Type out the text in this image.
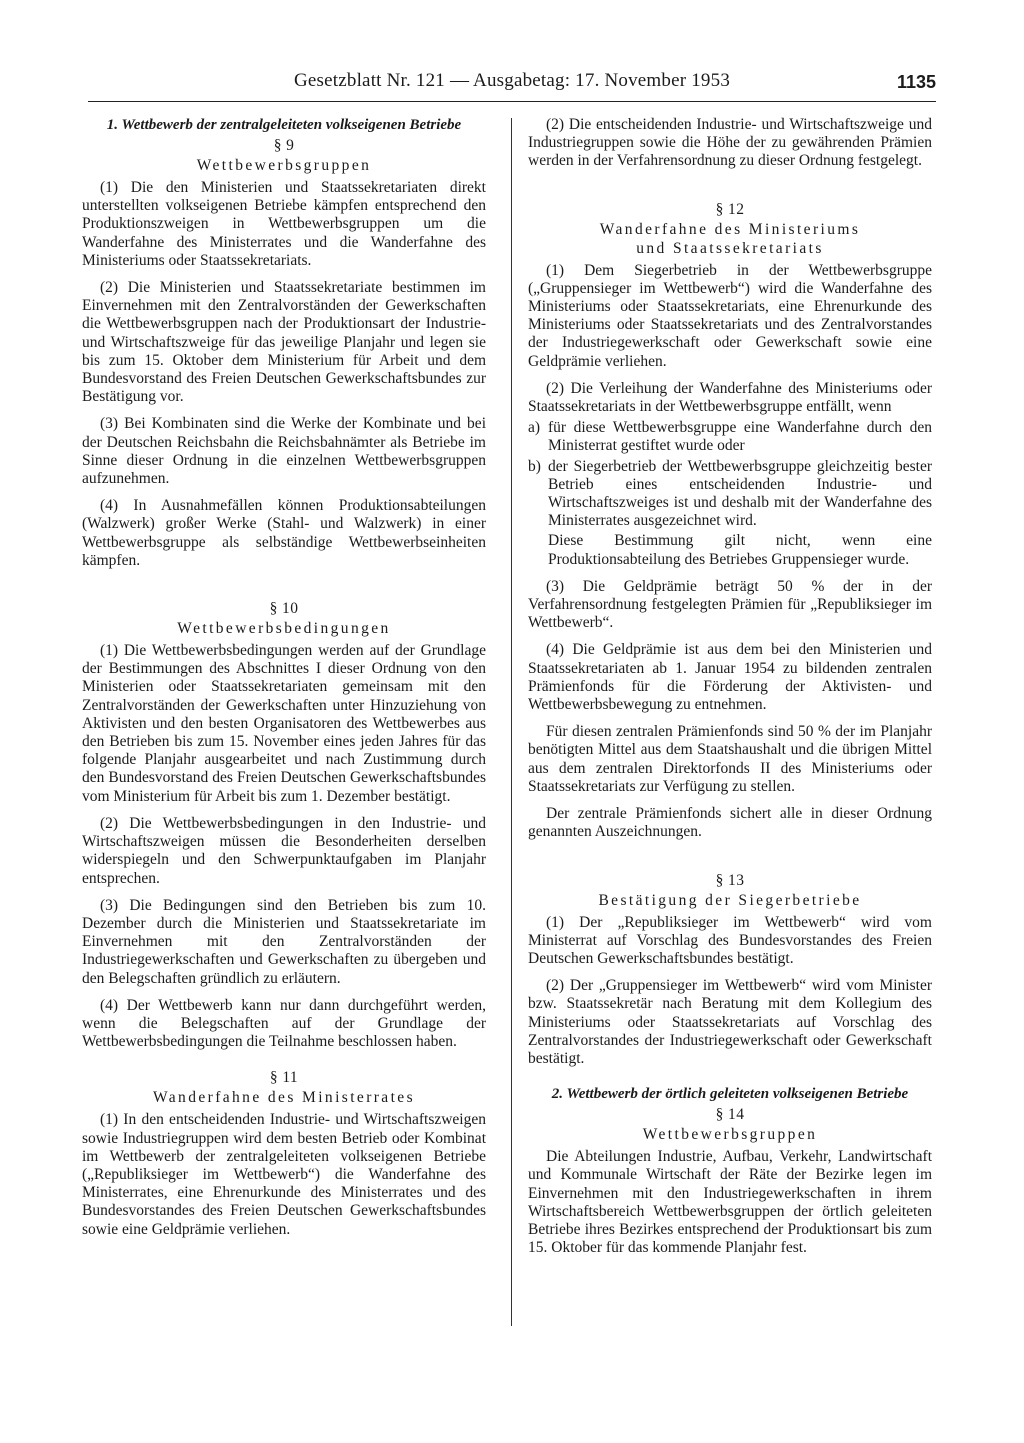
Gesetzblatt Nr. 121 — Ausgabetag: 17. November 1953	1135
1. Wettbewerb der zentralgeleiteten volkseigenen Betriebe
§ 9
Wettbewerbsgruppen

(1) Die den Ministerien und Staatssekretariaten direkt unterstellten volkseigenen Betriebe kämpfen entsprechend den Produktionszweigen in Wettbewerbsgruppen um die Wanderfahne des Ministerrates und die Wanderfahne des Ministeriums oder Staatssekretariats.

(2) Die Ministerien und Staatssekretariate bestimmen im Einvernehmen mit den Zentralvorständen der Gewerkschaften die Wettbewerbsgruppen nach der Produktionsart der Industrie- und Wirtschaftszweige für das jeweilige Planjahr und legen sie bis zum 15. Oktober dem Ministerium für Arbeit und dem Bundesvorstand des Freien Deutschen Gewerkschaftsbundes zur Bestätigung vor.

(3) Bei Kombinaten sind die Werke der Kombinate und bei der Deutschen Reichsbahn die Reichsbahnämter als Betriebe im Sinne dieser Ordnung in die einzelnen Wettbewerbsgruppen aufzunehmen.

(4) In Ausnahmefällen können Produktionsabteilungen (Walzwerk) großer Werke (Stahl- und Walzwerk) in einer Wettbewerbsgruppe als selbständige Wettbewerbseinheiten kämpfen.

§ 10
Wettbewerbsbedingungen

(1) Die Wettbewerbsbedingungen werden auf der Grundlage der Bestimmungen des Abschnittes I dieser Ordnung von den Ministerien oder Staatssekretariaten gemeinsam mit den Zentralvorständen der Gewerkschaften unter Hinzuziehung von Aktivisten und den besten Organisatoren des Wettbewerbes aus den Betrieben bis zum 15. November eines jeden Jahres für das folgende Planjahr ausgearbeitet und nach Zustimmung durch den Bundesvorstand des Freien Deutschen Gewerkschaftsbundes vom Ministerium für Arbeit bis zum 1. Dezember bestätigt.

(2) Die Wettbewerbsbedingungen in den Industrie- und Wirtschaftszweigen müssen die Besonderheiten derselben widerspiegeln und den Schwerpunktaufgaben im Planjahr entsprechen.

(3) Die Bedingungen sind den Betrieben bis zum 10. Dezember durch die Ministerien und Staatssekretariate im Einvernehmen mit den Zentralvorständen der Industriegewerkschaften und Gewerkschaften zu übergeben und den Belegschaften gründlich zu erläutern.

(4) Der Wettbewerb kann nur dann durchgeführt werden, wenn die Belegschaften auf der Grundlage der Wettbewerbsbedingungen die Teilnahme beschlossen haben.

§ 11
Wanderfahne des Ministerrates

(1) In den entscheidenden Industrie- und Wirtschaftszweigen sowie Industriegruppen wird dem besten Betrieb oder Kombinat im Wettbewerb der zentralgeleiteten volkseigenen Betriebe („Republiksieger im Wettbewerb“) die Wanderfahne des Ministerrates, eine Ehrenurkunde des Ministerrates und des Bundesvorstandes des Freien Deutschen Gewerkschaftsbundes sowie eine Geldprämie verliehen.

(2) Die entscheidenden Industrie- und Wirtschaftszweige und Industriegruppen sowie die Höhe der zu gewährenden Prämien werden in der Verfahrensordnung zu dieser Ordnung festgelegt.

§ 12
Wanderfahne des Ministeriums
und Staatssekretariats

(1) Dem Siegerbetrieb in der Wettbewerbsgruppe („Gruppensieger im Wettbewerb“) wird die Wanderfahne des Ministeriums oder Staatssekretariats, eine Ehrenurkunde des Ministeriums oder Staatssekretariats und des Zentralvorstandes der Industriegewerkschaft oder Gewerkschaft sowie eine Geldprämie verliehen.

(2) Die Verleihung der Wanderfahne des Ministeriums oder Staatssekretariats in der Wettbewerbsgruppe entfällt, wenn

a) für diese Wettbewerbsgruppe eine Wanderfahne durch den Ministerrat gestiftet wurde oder
b) der Siegerbetrieb der Wettbewerbsgruppe gleichzeitig bester Betrieb eines entscheidenden Industrie- und Wirtschaftszweiges ist und deshalb mit der Wanderfahne des Ministerrates ausgezeichnet wird.

Diese Bestimmung gilt nicht, wenn eine Produktionsabteilung des Betriebes Gruppensieger wurde.

(3) Die Geldprämie beträgt 50 % der in der Verfahrensordnung festgelegten Prämien für „Republiksieger im Wettbewerb“.

(4) Die Geldprämie ist aus dem bei den Ministerien und Staatssekretariaten ab 1. Januar 1954 zu bildenden zentralen Prämienfonds für die Förderung der Aktivisten- und Wettbewerbsbewegung zu entnehmen.

Für diesen zentralen Prämienfonds sind 50 % der im Planjahr benötigten Mittel aus dem Staatshaushalt und die übrigen Mittel aus dem zentralen Direktorfonds II des Ministeriums oder Staatssekretariats zur Verfügung zu stellen.

Der zentrale Prämienfonds sichert alle in dieser Ordnung genannten Auszeichnungen.

§ 13
Bestätigung der Siegerbetriebe

(1) Der „Republiksieger im Wettbewerb“ wird vom Ministerrat auf Vorschlag des Bundesvorstandes des Freien Deutschen Gewerkschaftsbundes bestätigt.

(2) Der „Gruppensieger im Wettbewerb“ wird vom Minister bzw. Staatssekretär nach Beratung mit dem Kollegium des Ministeriums oder Staatssekretariats auf Vorschlag des Zentralvorstandes der Industriegewerkschaft oder Gewerkschaft bestätigt.

2. Wettbewerb der örtlich geleiteten volkseigenen Betriebe
§ 14
Wettbewerbsgruppen

Die Abteilungen Industrie, Aufbau, Verkehr, Landwirtschaft und Kommunale Wirtschaft der Räte der Bezirke legen im Einvernehmen mit den Industriegewerkschaften in ihrem Wirtschaftsbereich Wettbewerbsgruppen der örtlich geleiteten Betriebe ihres Bezirkes entsprechend der Produktionsart bis zum 15. Oktober für das kommende Planjahr fest.
